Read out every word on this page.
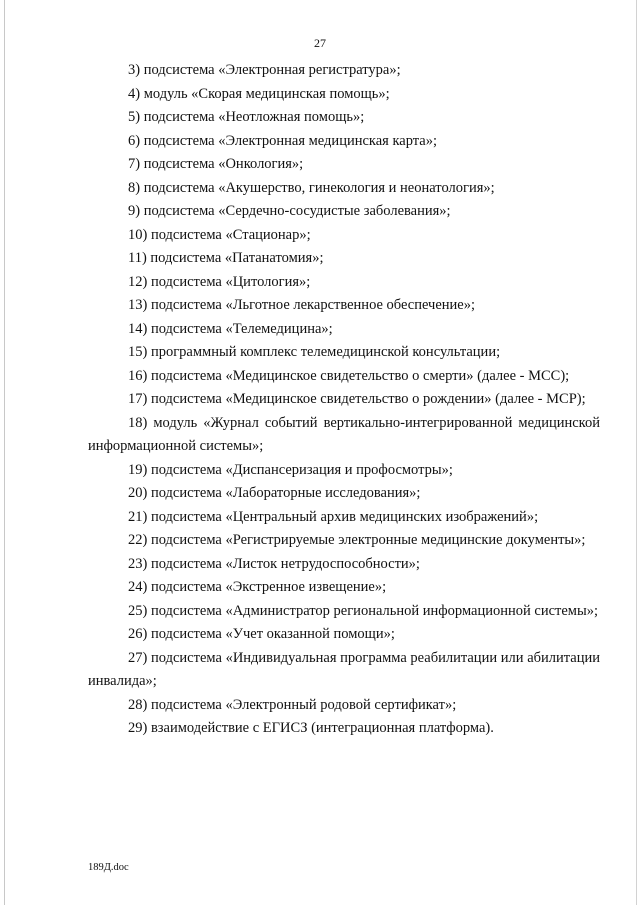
27

3) подсистема «Электронная регистратура»;

4) модуль «Скорая медицинская помощь»;

5) подсистема «Неотложная помощь»;

6) подсистема «Электронная медицинская карта»;

7) подсистема «Онкология»;

8) подсистема «Акушерство, гинекология и неонатология»;

9) подсистема «Сердечно-сосудистые заболевания»;

10) подсистема «Стационар»;

11) подсистема «Патанатомия»;

12) подсистема «Цитология»;

13) подсистема «Льготное лекарственное обеспечение»;

14) подсистема «Телемедицина»;

15) программный комплекс телемедицинской консультации;

16) подсистема «Медицинское свидетельство о смерти» (далее - МСС);

17) подсистема «Медицинское свидетельство о рождении» (далее - МСР);

18) модуль «Журнал событий вертикально-интегрированной медицинской информационной системы»;

19) подсистема «Диспансеризация и профосмотры»;

20) подсистема «Лабораторные исследования»;

21) подсистема «Центральный архив медицинских изображений»;

22) подсистема «Регистрируемые электронные медицинские документы»;

23) подсистема «Листок нетрудоспособности»;

24) подсистема «Экстренное извещение»;

25) подсистема «Администратор региональной информационной системы»;

26) подсистема «Учет оказанной помощи»;

27) подсистема «Индивидуальная программа реабилитации или абилитации инвалида»;

28) подсистема «Электронный родовой сертификат»;

29) взаимодействие с ЕГИСЗ (интеграционная платформа).

189Д.doc
